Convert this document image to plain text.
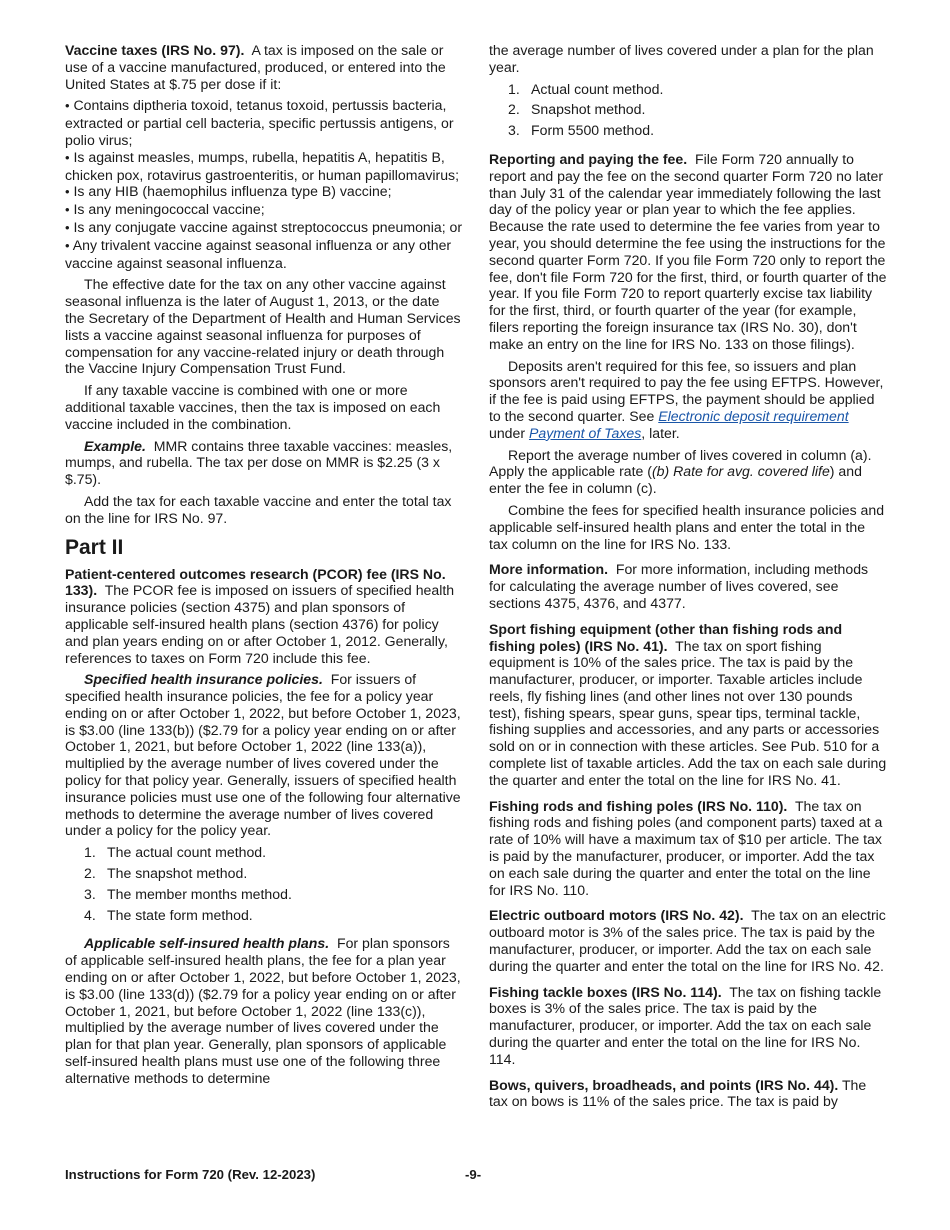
Vaccine taxes (IRS No. 97). A tax is imposed on the sale or use of a vaccine manufactured, produced, or entered into the United States at $.75 per dose if it:

• Contains diptheria toxoid, tetanus toxoid, pertussis bacteria, extracted or partial cell bacteria, specific pertussis antigens, or polio virus;
• Is against measles, mumps, rubella, hepatitis A, hepatitis B, chicken pox, rotavirus gastroenteritis, or human papillomavirus;
• Is any HIB (haemophilus influenza type B) vaccine;
• Is any meningococcal vaccine;
• Is any conjugate vaccine against streptococcus pneumonia; or
• Any trivalent vaccine against seasonal influenza or any other vaccine against seasonal influenza.

The effective date for the tax on any other vaccine against seasonal influenza is the later of August 1, 2013, or the date the Secretary of the Department of Health and Human Services lists a vaccine against seasonal influenza for purposes of compensation for any vaccine-related injury or death through the Vaccine Injury Compensation Trust Fund.

If any taxable vaccine is combined with one or more additional taxable vaccines, then the tax is imposed on each vaccine included in the combination.

Example. MMR contains three taxable vaccines: measles, mumps, and rubella. The tax per dose on MMR is $2.25 (3 x $.75).

Add the tax for each taxable vaccine and enter the total tax on the line for IRS No. 97.

Part II

Patient-centered outcomes research (PCOR) fee (IRS No. 133). The PCOR fee is imposed on issuers of specified health insurance policies (section 4375) and plan sponsors of applicable self-insured health plans (section 4376) for policy and plan years ending on or after October 1, 2012. Generally, references to taxes on Form 720 include this fee.

Specified health insurance policies. For issuers of specified health insurance policies, the fee for a policy year ending on or after October 1, 2022, but before October 1, 2023, is $3.00 (line 133(b)) ($2.79 for a policy year ending on or after October 1, 2021, but before October 1, 2022 (line 133(a)), multiplied by the average number of lives covered under the policy for that policy year. Generally, issuers of specified health insurance policies must use one of the following four alternative methods to determine the average number of lives covered under a policy for the policy year.

1. The actual count method.
2. The snapshot method.
3. The member months method.
4. The state form method.

Applicable self-insured health plans. For plan sponsors of applicable self-insured health plans, the fee for a plan year ending on or after October 1, 2022, but before October 1, 2023, is $3.00 (line 133(d)) ($2.79 for a policy year ending on or after October 1, 2021, but before October 1, 2022 (line 133(c)), multiplied by the average number of lives covered under the plan for that plan year. Generally, plan sponsors of applicable self-insured health plans must use one of the following three alternative methods to determine

the average number of lives covered under a plan for the plan year.

1. Actual count method.
2. Snapshot method.
3. Form 5500 method.

Reporting and paying the fee. File Form 720 annually to report and pay the fee on the second quarter Form 720 no later than July 31 of the calendar year immediately following the last day of the policy year or plan year to which the fee applies. Because the rate used to determine the fee varies from year to year, you should determine the fee using the instructions for the second quarter Form 720. If you file Form 720 only to report the fee, don't file Form 720 for the first, third, or fourth quarter of the year. If you file Form 720 to report quarterly excise tax liability for the first, third, or fourth quarter of the year (for example, filers reporting the foreign insurance tax (IRS No. 30), don't make an entry on the line for IRS No. 133 on those filings).

Deposits aren't required for this fee, so issuers and plan sponsors aren't required to pay the fee using EFTPS. However, if the fee is paid using EFTPS, the payment should be applied to the second quarter. See Electronic deposit requirement under Payment of Taxes, later.

Report the average number of lives covered in column (a). Apply the applicable rate ((b) Rate for avg. covered life) and enter the fee in column (c).

Combine the fees for specified health insurance policies and applicable self-insured health plans and enter the total in the tax column on the line for IRS No. 133.

More information. For more information, including methods for calculating the average number of lives covered, see sections 4375, 4376, and 4377.

Sport fishing equipment (other than fishing rods and fishing poles) (IRS No. 41). The tax on sport fishing equipment is 10% of the sales price. The tax is paid by the manufacturer, producer, or importer. Taxable articles include reels, fly fishing lines (and other lines not over 130 pounds test), fishing spears, spear guns, spear tips, terminal tackle, fishing supplies and accessories, and any parts or accessories sold on or in connection with these articles. See Pub. 510 for a complete list of taxable articles. Add the tax on each sale during the quarter and enter the total on the line for IRS No. 41.

Fishing rods and fishing poles (IRS No. 110). The tax on fishing rods and fishing poles (and component parts) taxed at a rate of 10% will have a maximum tax of $10 per article. The tax is paid by the manufacturer, producer, or importer. Add the tax on each sale during the quarter and enter the total on the line for IRS No. 110.

Electric outboard motors (IRS No. 42). The tax on an electric outboard motor is 3% of the sales price. The tax is paid by the manufacturer, producer, or importer. Add the tax on each sale during the quarter and enter the total on the line for IRS No. 42.

Fishing tackle boxes (IRS No. 114). The tax on fishing tackle boxes is 3% of the sales price. The tax is paid by the manufacturer, producer, or importer. Add the tax on each sale during the quarter and enter the total on the line for IRS No. 114.

Bows, quivers, broadheads, and points (IRS No. 44). The tax on bows is 11% of the sales price. The tax is paid by

Instructions for Form 720 (Rev. 12-2023)	-9-
